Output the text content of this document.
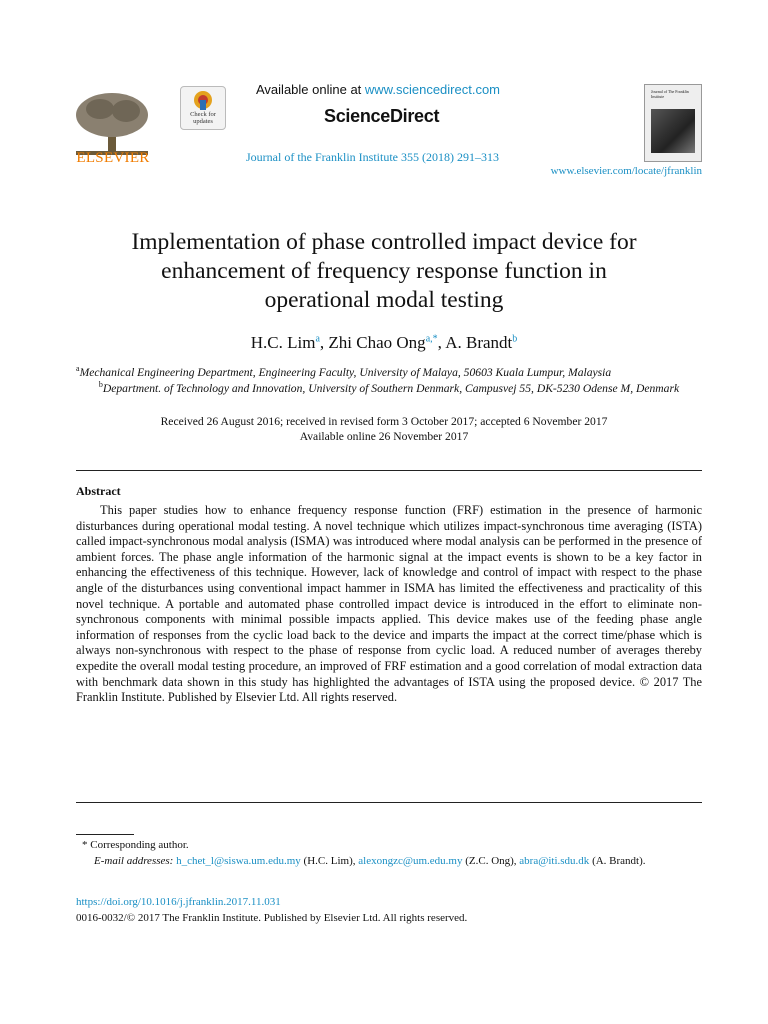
ELSEVIER
Check for updates
Available online at www.sciencedirect.com
ScienceDirect
Journal of the Franklin Institute 355 (2018) 291–313
Journal of The Franklin Institute
www.elsevier.com/locate/jfranklin
Implementation of phase controlled impact device for
enhancement of frequency response function in
operational modal testing
H.C. Lim$^a$, Zhi Chao Ong$^{a,*}$, A. Brandt$^b$
$^a$Mechanical Engineering Department, Engineering Faculty, University of Malaya, 50603 Kuala Lumpur, Malaysia
$^b$Department. of Technology and Innovation, University of Southern Denmark, Campusvej 55, DK-5230 Odense M, Denmark
Received 26 August 2016; received in revised form 3 October 2017; accepted 6 November 2017
Available online 26 November 2017
Abstract
This paper studies how to enhance frequency response function (FRF) estimation in the presence of harmonic disturbances during operational modal testing. A novel technique which utilizes impact-synchronous time averaging (ISTA) called impact-synchronous modal analysis (ISMA) was introduced where modal analysis can be performed in the presence of ambient forces. The phase angle information of the harmonic signal at the impact events is shown to be a key factor in enhancing the effectiveness of this technique. However, lack of knowledge and control of impact with respect to the phase angle of the disturbances using conventional impact hammer in ISMA has limited the effectiveness and practicality of this novel technique. A portable and automated phase controlled impact device is introduced in the effort to eliminate non-synchronous components with minimal possible impacts applied. This device makes use of the feeding phase angle information of responses from the cyclic load back to the device and imparts the impact at the correct time/phase which is always non-synchronous with respect to the phase of response from cyclic load. A reduced number of averages thereby expedite the overall modal testing procedure, an improved of FRF estimation and a good correlation of modal extraction data with benchmark data shown in this study has highlighted the advantages of ISTA using the proposed device. © 2017 The Franklin Institute. Published by Elsevier Ltd. All rights reserved.
* Corresponding author.
E-mail addresses: h_chet_l@siswa.um.edu.my (H.C. Lim), alexongzc@um.edu.my (Z.C. Ong), abra@iti.sdu.dk (A. Brandt).
https://doi.org/10.1016/j.jfranklin.2017.11.031
0016-0032/© 2017 The Franklin Institute. Published by Elsevier Ltd. All rights reserved.
